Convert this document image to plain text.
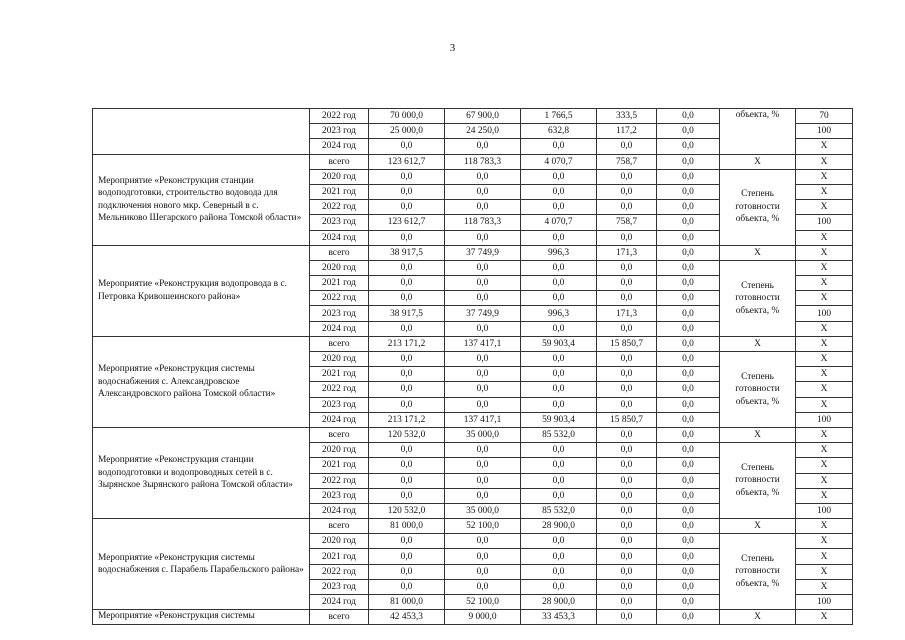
3
	2022 год	70 000,0	67 900,0	1 766,5	333,5	0,0	объекта, %	70
	2023 год	25 000,0	24 250,0	632,8	117,2	0,0		100
	2024 год	0,0	0,0	0,0	0,0	0,0		X
Мероприятие «Реконструкция станции водоподготовки, строительство водовода для подключения нового мкр. Северный в с. Мельниково Шегарского района Томской области»	всего	123 612,7	118 783,3	4 070,7	758,7	0,0	X	X
	2020 год	0,0	0,0	0,0	0,0	0,0	Степень готовности объекта, %	X
	2021 год	0,0	0,0	0,0	0,0	0,0		X
	2022 год	0,0	0,0	0,0	0,0	0,0		X
	2023 год	123 612,7	118 783,3	4 070,7	758,7	0,0		100
	2024 год	0,0	0,0	0,0	0,0	0,0		X
Мероприятие «Реконструкция водопровода в с. Петровка Кривошеинского района»	всего	38 917,5	37 749,9	996,3	171,3	0,0	X	X
	2020 год	0,0	0,0	0,0	0,0	0,0	Степень готовности объекта, %	X
	2021 год	0,0	0,0	0,0	0,0	0,0		X
	2022 год	0,0	0,0	0,0	0,0	0,0		X
	2023 год	38 917,5	37 749,9	996,3	171,3	0,0		100
	2024 год	0,0	0,0	0,0	0,0	0,0		X
Мероприятие «Реконструкция системы водоснабжения с. Александровское Александровского района Томской области»	всего	213 171,2	137 417,1	59 903,4	15 850,7	0,0	X	X
	2020 год	0,0	0,0	0,0	0,0	0,0	Степень готовности объекта, %	X
	2021 год	0,0	0,0	0,0	0,0	0,0		X
	2022 год	0,0	0,0	0,0	0,0	0,0		X
	2023 год	0,0	0,0	0,0	0,0	0,0		X
	2024 год	213 171,2	137 417,1	59 903,4	15 850,7	0,0		100
Мероприятие «Реконструкция станции водоподготовки и водопроводных сетей в с. Зырянское Зырянского района Томской области»	всего	120 532,0	35 000,0	85 532,0	0,0	0,0	X	X
	2020 год	0,0	0,0	0,0	0,0	0,0	Степень готовности объекта, %	X
	2021 год	0,0	0,0	0,0	0,0	0,0		X
	2022 год	0,0	0,0	0,0	0,0	0,0		X
	2023 год	0,0	0,0	0,0	0,0	0,0		X
	2024 год	120 532,0	35 000,0	85 532,0	0,0	0,0		100
Мероприятие «Реконструкция системы водоснабжения с. Парабель Парабельского района»	всего	81 000,0	52 100,0	28 900,0	0,0	0,0	X	X
	2020 год	0,0	0,0	0,0	0,0	0,0	Степень готовности объекта, %	X
	2021 год	0,0	0,0	0,0	0,0	0,0		X
	2022 год	0,0	0,0	0,0	0,0	0,0		X
	2023 год	0,0	0,0	0,0	0,0	0,0		X
	2024 год	81 000,0	52 100,0	28 900,0	0,0	0,0		100
Мероприятие «Реконструкция системы	всего	42 453,3	9 000,0	33 453,3	0,0	0,0	X	X
